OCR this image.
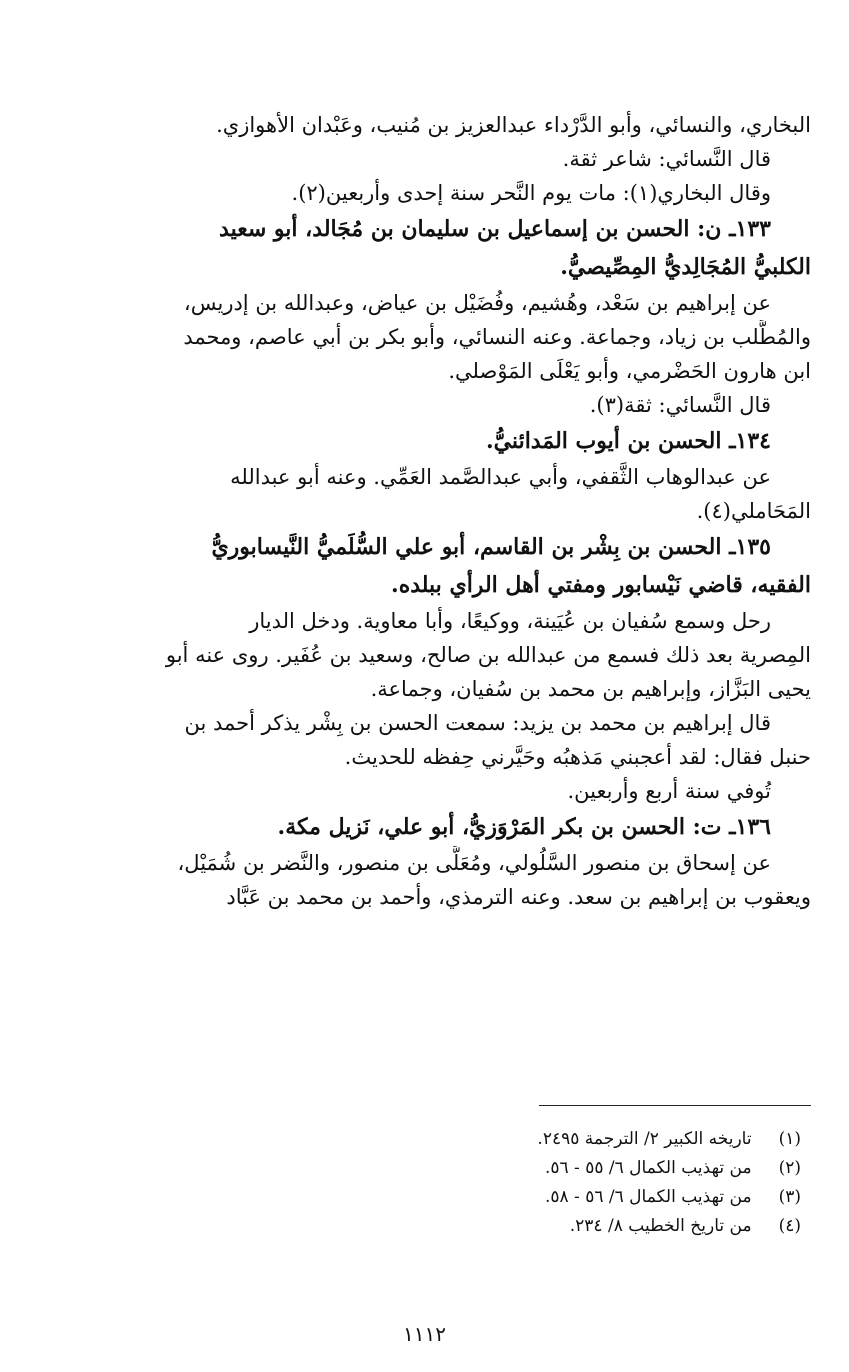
البخاري، والنسائي، وأبو الدَّرْداء عبدالعزيز بن مُنيب، وعَبْدان الأهوازي.
قال النَّسائي: شاعر ثقة.
وقال البخاري(١): مات يوم النَّحر سنة إحدى وأربعين(٢).
١٣٣ـ ن: الحسن بن إسماعيل بن سليمان بن مُجَالد، أبو سعيد
الكلبيُّ المُجَالِديُّ المِصِّيصيُّ.
عن إبراهيم بن سَعْد، وهُشيم، وفُضَيْل بن عياض، وعبدالله بن إدريس،
والمُطَّلب بن زياد، وجماعة. وعنه النسائي، وأبو بكر بن أبي عاصم، ومحمد
ابن هارون الحَضْرمي، وأبو يَعْلَى المَوْصلي.
قال النَّسائي: ثقة(٣).
١٣٤ـ الحسن بن أيوب المَدائنيُّ.
عن عبدالوهاب الثَّقفي، وأبي عبدالصَّمد العَمِّي. وعنه أبو عبدالله
المَحَاملي(٤).
١٣٥ـ الحسن بن بِشْر بن القاسم، أبو علي السُّلَميُّ النَّيسابوريُّ
الفقيه، قاضي نَيْسابور ومفتي أهل الرأي ببلده.
رحل وسمع سُفيان بن عُيَينة، ووكيعًا، وأبا معاوية. ودخل الديار
المِصرية بعد ذلك فسمع من عبدالله بن صالح، وسعيد بن عُفَير. روى عنه أبو
يحيى البَزَّاز، وإبراهيم بن محمد بن سُفيان، وجماعة.
قال إبراهيم بن محمد بن يزيد: سمعت الحسن بن بِشْر يذكر أحمد بن
حنبل فقال: لقد أعجبني مَذهبُه وحَيَّرني حِفظه للحديث.
تُوفي سنة أربع وأربعين.
١٣٦ـ ت: الحسن بن بكر المَرْوَزيُّ، أبو علي، نَزيل مكة.
عن إسحاق بن منصور السَّلُولي، ومُعَلَّى بن منصور، والنَّضر بن شُمَيْل،
ويعقوب بن إبراهيم بن سعد. وعنه الترمذي، وأحمد بن محمد بن عَبَّاد
(١) تاريخه الكبير ٢/ الترجمة ٢٤٩٥.
(٢) من تهذيب الكمال ٦/ ٥٥ - ٥٦.
(٣) من تهذيب الكمال ٦/ ٥٦ - ٥٨.
(٤) من تاريخ الخطيب ٨/ ٢٣٤.
١١١٢
